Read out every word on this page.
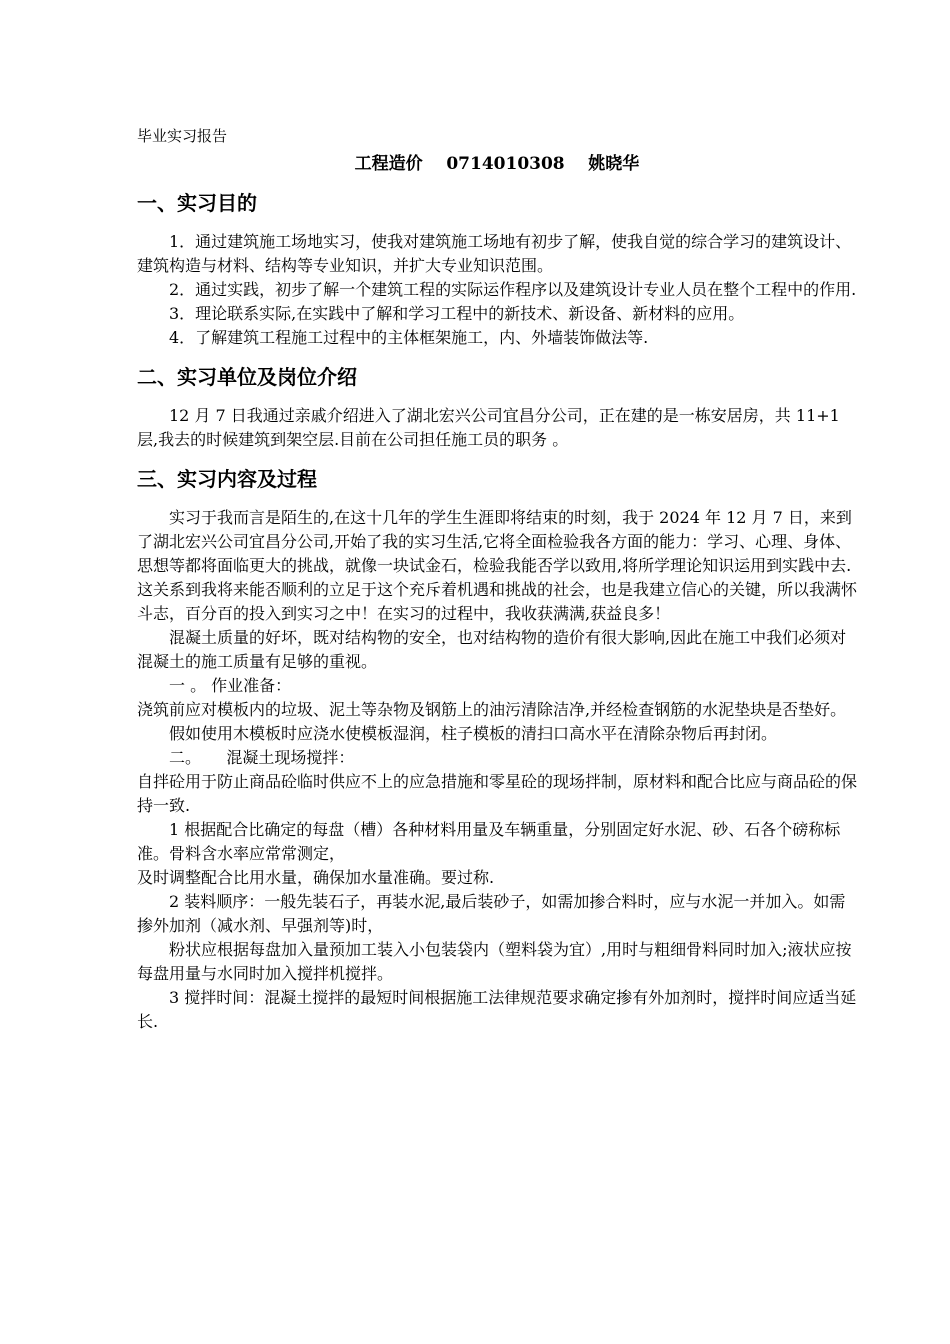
毕业实习报告

工程造价    0714010308    姚晓华

一、实习目的

1．通过建筑施工场地实习，使我对建筑施工场地有初步了解，使我自觉的综合学习的建筑设计、建筑构造与材料、结构等专业知识，并扩大专业知识范围。

2．通过实践，初步了解一个建筑工程的实际运作程序以及建筑设计专业人员在整个工程中的作用.

3．理论联系实际,在实践中了解和学习工程中的新技术、新设备、新材料的应用。

4．了解建筑工程施工过程中的主体框架施工，内、外墙装饰做法等.

二、实习单位及岗位介绍

12 月 7 日我通过亲戚介绍进入了湖北宏兴公司宜昌分公司，正在建的是一栋安居房，共 11+1 层,我去的时候建筑到架空层.目前在公司担任施工员的职务 。

三、实习内容及过程

实习于我而言是陌生的,在这十几年的学生生涯即将结束的时刻，我于 2024 年 12 月 7 日，来到了湖北宏兴公司宜昌分公司,开始了我的实习生活,它将全面检验我各方面的能力：学习、心理、身体、思想等都将面临更大的挑战，就像一块试金石，检验我能否学以致用,将所学理论知识运用到实践中去.这关系到我将来能否顺利的立足于这个充斥着机遇和挑战的社会，也是我建立信心的关键，所以我满怀斗志，百分百的投入到实习之中！在实习的过程中，我收获满满,获益良多！

混凝土质量的好坏，既对结构物的安全，也对结构物的造价有很大影响,因此在施工中我们必须对混凝土的施工质量有足够的重视。

一 。 作业准备：

浇筑前应对模板内的垃圾、泥土等杂物及钢筋上的油污清除洁净,并经检查钢筋的水泥垫块是否垫好。

假如使用木模板时应浇水使模板湿润，柱子模板的清扫口高水平在清除杂物后再封闭。

二。     混凝土现场搅拌：

自拌砼用于防止商品砼临时供应不上的应急措施和零星砼的现场拌制，原材料和配合比应与商品砼的保持一致.

1 根据配合比确定的每盘（槽）各种材料用量及车辆重量，分别固定好水泥、砂、石各个磅称标准。骨料含水率应常常测定，

及时调整配合比用水量，确保加水量准确。要过称.

2 装料顺序：一般先装石子，再装水泥,最后装砂子，如需加掺合料时，应与水泥一并加入。如需掺外加剂（减水剂、早强剂等)时，

粉状应根据每盘加入量预加工装入小包装袋内（塑料袋为宜）,用时与粗细骨料同时加入;液状应按每盘用量与水同时加入搅拌机搅拌。

3 搅拌时间：混凝土搅拌的最短时间根据施工法律规范要求确定掺有外加剂时，搅拌时间应适当延长.
